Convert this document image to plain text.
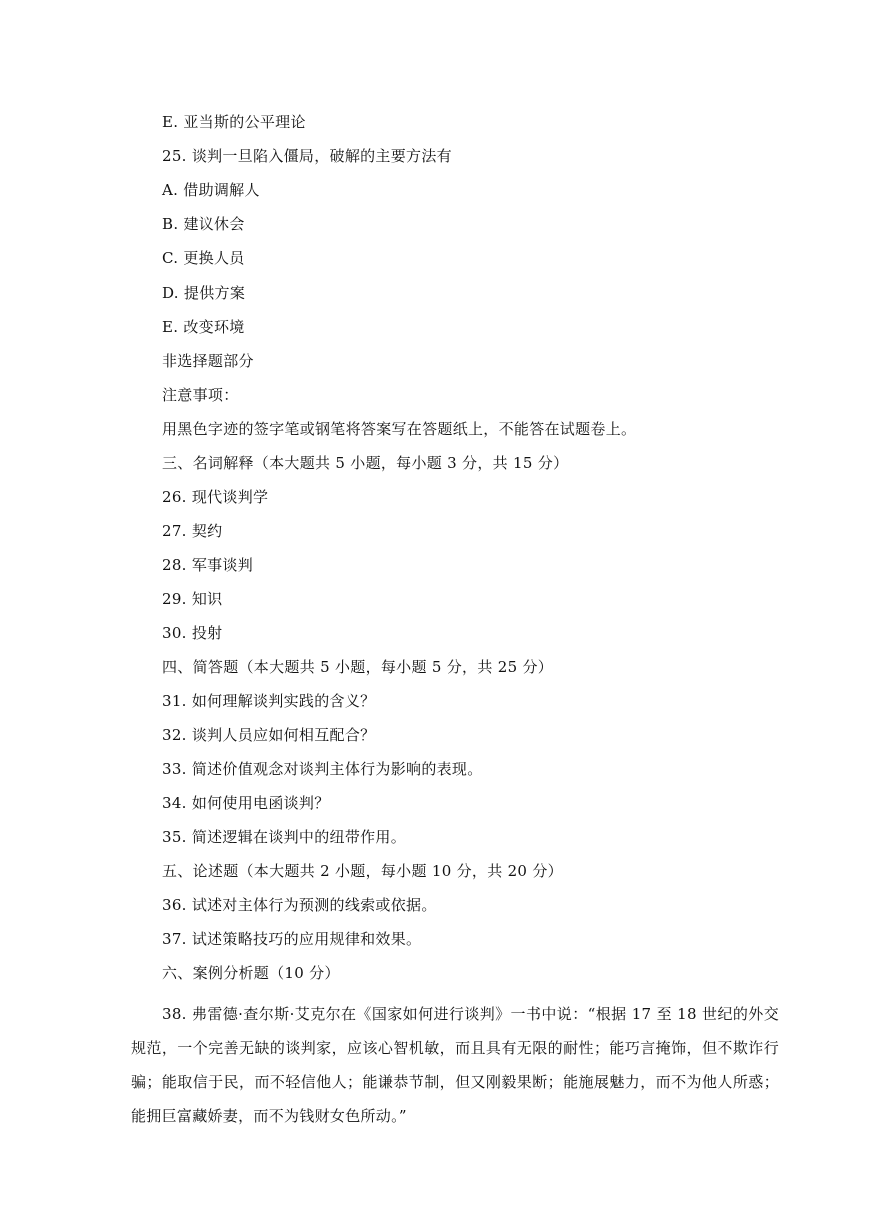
E. 亚当斯的公平理论
25. 谈判一旦陷入僵局，破解的主要方法有
A. 借助调解人
B. 建议休会
C. 更换人员
D. 提供方案
E. 改变环境
非选择题部分
注意事项：
用黑色字迹的签字笔或钢笔将答案写在答题纸上，不能答在试题卷上。
三、名词解释（本大题共 5 小题，每小题 3 分，共 15 分）
26. 现代谈判学
27. 契约
28. 军事谈判
29. 知识
30. 投射
四、简答题（本大题共 5 小题，每小题 5 分，共 25 分）
31. 如何理解谈判实践的含义？
32. 谈判人员应如何相互配合？
33. 简述价值观念对谈判主体行为影响的表现。
34. 如何使用电函谈判？
35. 简述逻辑在谈判中的纽带作用。
五、论述题（本大题共 2 小题，每小题 10 分，共 20 分）
36. 试述对主体行为预测的线索或依据。
37. 试述策略技巧的应用规律和效果。
六、案例分析题（10 分）
38. 弗雷德·查尔斯·艾克尔在《国家如何进行谈判》一书中说：“根据 17 至 18 世纪的外交规范，一个完善无缺的谈判家，应该心智机敏，而且具有无限的耐性；能巧言掩饰，但不欺诈行骗；能取信于民，而不轻信他人；能谦恭节制，但又刚毅果断；能施展魅力，而不为他人所惑；能拥巨富藏娇妻，而不为钱财女色所动。”
